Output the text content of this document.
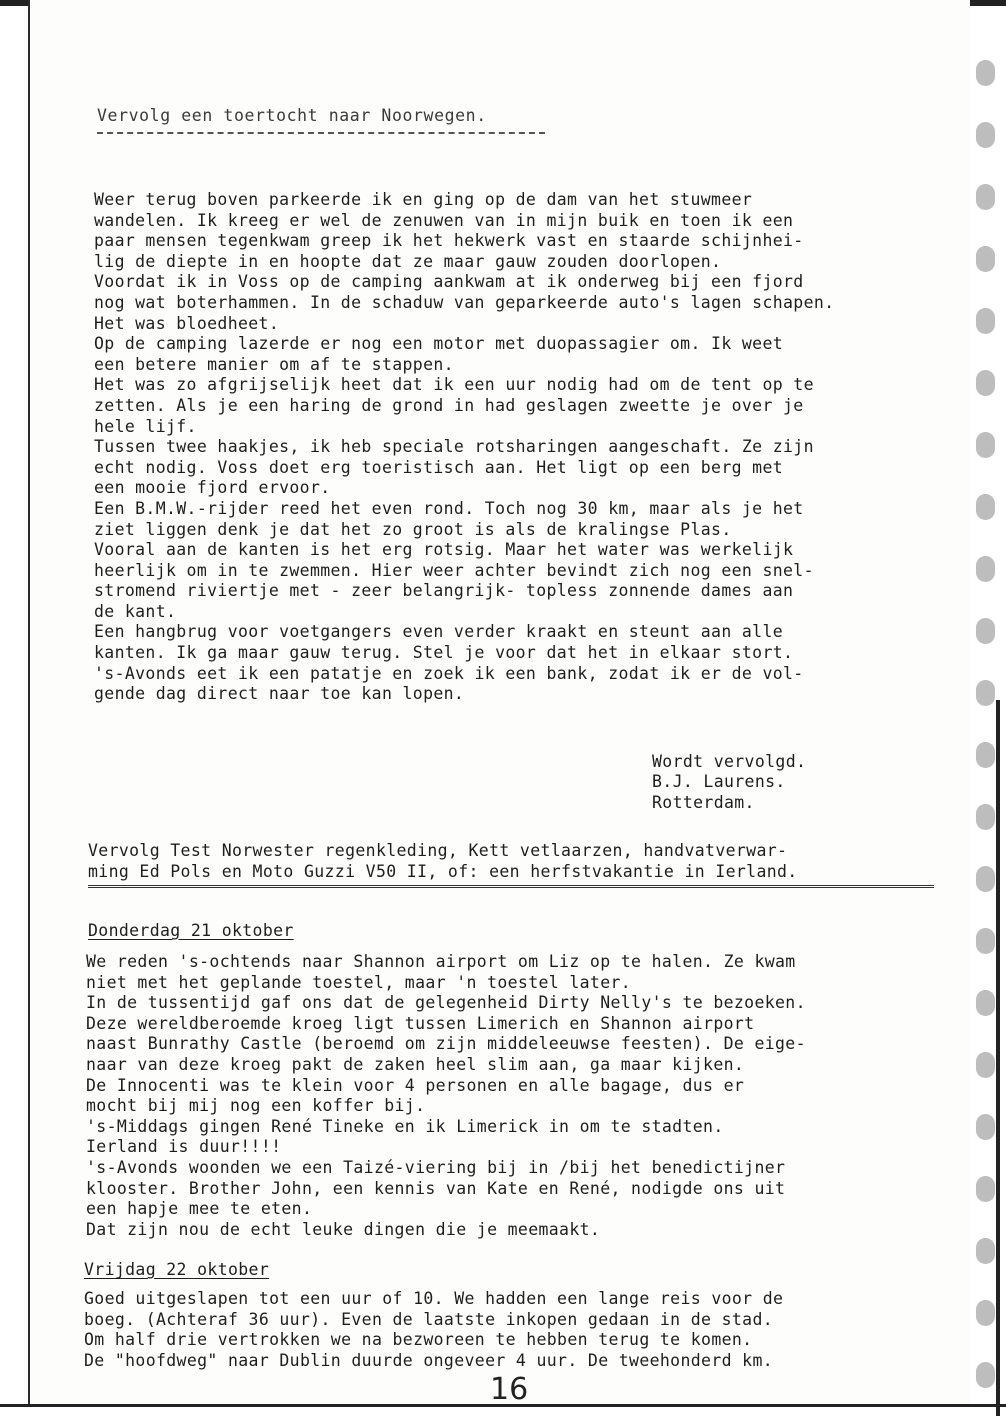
Vervolg een toertocht naar Noorwegen.
Weer terug boven parkeerde ik en ging op de dam van het stuwmeer
wandelen. Ik kreeg er wel de zenuwen van in mijn buik en toen ik een
paar mensen tegenkwam greep ik het hekwerk vast en staarde schijnhei-
lig de diepte in en hoopte dat ze maar gauw zouden doorlopen.
Voordat ik in Voss op de camping aankwam at ik onderweg bij een fjord
nog wat boterhammen. In de schaduw van geparkeerde auto's lagen schapen.
Het was bloedheet.
Op de camping lazerde er nog een motor met duopassagier om. Ik weet
een betere manier om af te stappen.
Het was zo afgrijselijk heet dat ik een uur nodig had om de tent op te
zetten. Als je een haring de grond in had geslagen zweette je over je
hele lijf.
Tussen twee haakjes, ik heb speciale rotsharingen aangeschaft. Ze zijn
echt nodig. Voss doet erg toeristisch aan. Het ligt op een berg met
een mooie fjord ervoor.
Een B.M.W.-rijder reed het even rond. Toch nog 30 km, maar als je het
ziet liggen denk je dat het zo groot is als de kralingse Plas.
Vooral aan de kanten is het erg rotsig. Maar het water was werkelijk
heerlijk om in te zwemmen. Hier weer achter bevindt zich nog een snel-
stromend riviertje met - zeer belangrijk- topless zonnende dames aan
de kant.
Een hangbrug voor voetgangers even verder kraakt en steunt aan alle
kanten. Ik ga maar gauw terug. Stel je voor dat het in elkaar stort.
's-Avonds eet ik een patatje en zoek ik een bank, zodat ik er de vol-
gende dag direct naar toe kan lopen.
Wordt vervolgd.
B.J. Laurens.
Rotterdam.
Vervolg Test Norwester regenkleding, Kett vetlaarzen, handvatverwar-
ming Ed Pols en Moto Guzzi V50 II, of: een herfstvakantie in Ierland.
Donderdag 21 oktober
We reden 's-ochtends naar Shannon airport om Liz op te halen. Ze kwam
niet met het geplande toestel, maar 'n toestel later.
In de tussentijd gaf ons dat de gelegenheid Dirty Nelly's te bezoeken.
Deze wereldberoemde kroeg ligt tussen Limerich en Shannon airport
naast Bunrathy Castle (beroemd om zijn middeleeuwse feesten). De eige-
naar van deze kroeg pakt de zaken heel slim aan, ga maar kijken.
De Innocenti was te klein voor 4 personen en alle bagage, dus er
mocht bij mij nog een koffer bij.
's-Middags gingen René Tineke en ik Limerick in om te stadten.
Ierland is duur!!!!
's-Avonds woonden we een Taizé-viering bij in /bij het benedictijner
klooster. Brother John, een kennis van Kate en René, nodigde ons uit
een hapje mee te eten.
Dat zijn nou de echt leuke dingen die je meemaakt.
Vrijdag 22 oktober
Goed uitgeslapen tot een uur of 10. We hadden een lange reis voor de
boeg. (Achteraf 36 uur). Even de laatste inkopen gedaan in de stad.
Om half drie vertrokken we na bezworeen te hebben terug te komen.
De "hoofdweg" naar Dublin duurde ongeveer 4 uur. De tweehonderd km.
16
